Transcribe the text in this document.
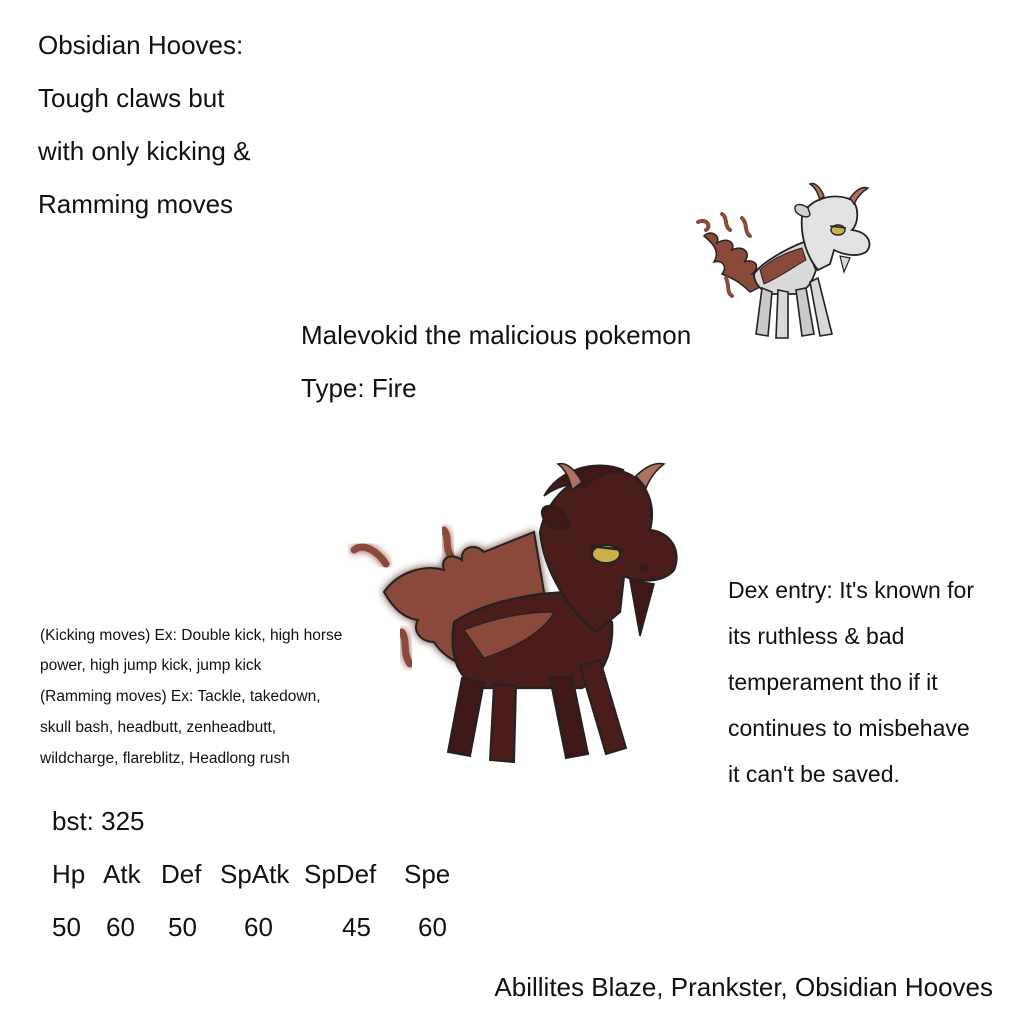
Obsidian Hooves:
Tough claws but
with only kicking &
Ramming moves
Malevokid the malicious pokemon
Type: Fire
(Kicking moves) Ex: Double kick, high horse
power, high jump kick, jump kick
(Ramming moves) Ex: Tackle, takedown,
skull bash, headbutt, zenheadbutt,
wildcharge, flareblitz, Headlong rush
Dex entry: It's known for
its ruthless & bad
temperament tho if it
continues to misbehave
it can't be saved.
bst: 325
Hp Atk Def SpAtk SpDef Spe
50 60 50 60	45 60
Abillites Blaze, Prankster, Obsidian Hooves
